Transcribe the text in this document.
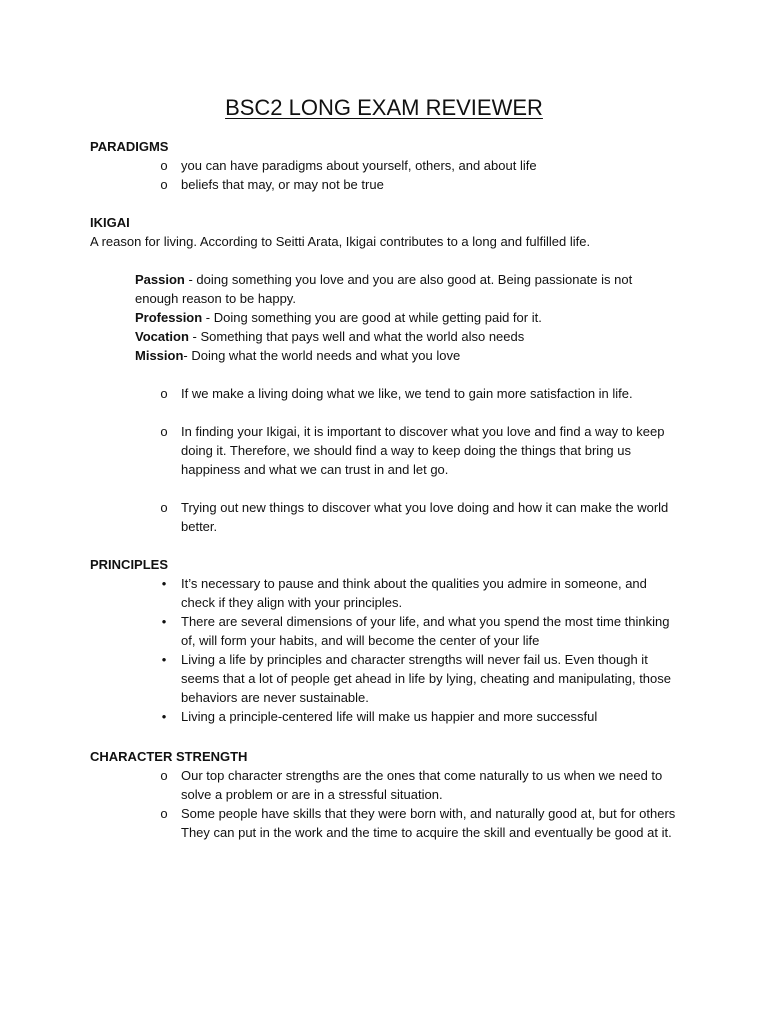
BSC2 LONG EXAM REVIEWER

PARADIGMS

o you can have paradigms about yourself, others, and about life
o beliefs that may, or may not be true

IKIGAI

A reason for living. According to Seitti Arata, Ikigai contributes to a long and fulfilled life.

Passion - doing something you love and you are also good at. Being passionate is not enough reason to be happy.

Profession - Doing something you are good at while getting paid for it.

Vocation - Something that pays well and what the world also needs

Mission- Doing what the world needs and what you love

o If we make a living doing what we like, we tend to gain more satisfaction in life.
o In finding your Ikigai, it is important to discover what you love and find a way to keep doing it. Therefore, we should find a way to keep doing the things that bring us happiness and what we can trust in and let go.
o Trying out new things to discover what you love doing and how it can make the world better.

PRINCIPLES

• It’s necessary to pause and think about the qualities you admire in someone, and check if they align with your principles.
• There are several dimensions of your life, and what you spend the most time thinking of, will form your habits, and will become the center of your life
• Living a life by principles and character strengths will never fail us. Even though it seems that a lot of people get ahead in life by lying, cheating and manipulating, those behaviors are never sustainable.
• Living a principle-centered life will make us happier and more successful

CHARACTER STRENGTH

o Our top character strengths are the ones that come naturally to us when we need to solve a problem or are in a stressful situation.
o Some people have skills that they were born with, and naturally good at, but for others They can put in the work and the time to acquire the skill and eventually be good at it.
